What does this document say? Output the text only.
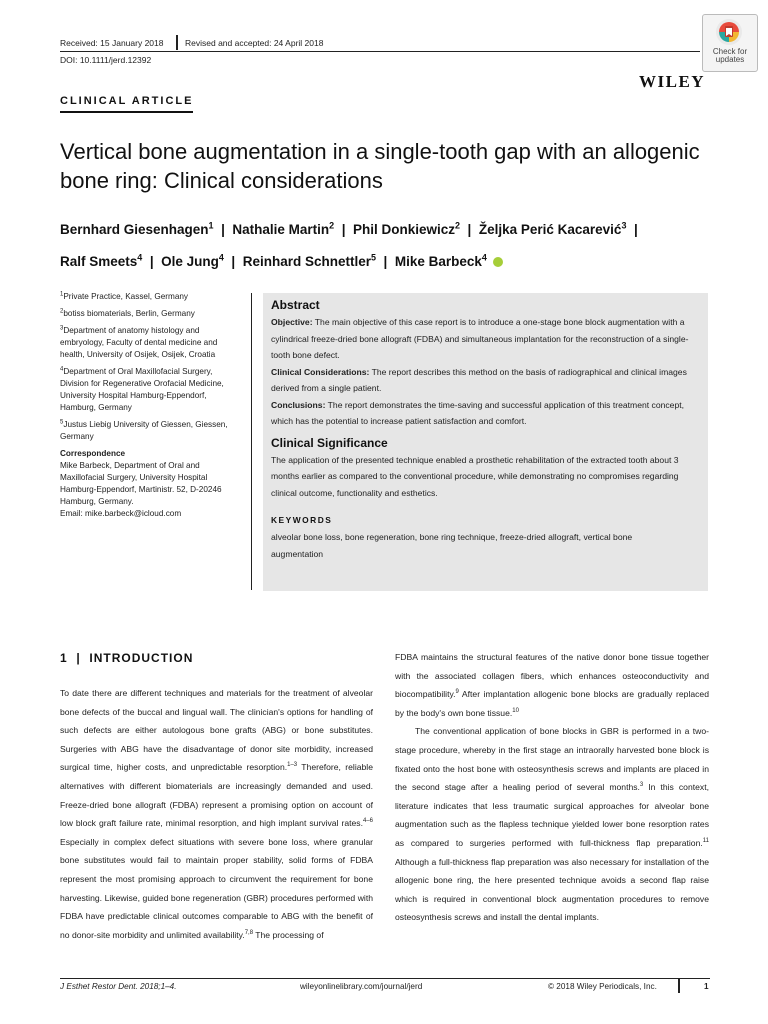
Received: 15 January 2018	Revised and accepted: 24 April 2018
DOI: 10.1111/jerd.12392
Check for
updates
WILEY
CLINICAL ARTICLE
Vertical bone augmentation in a single-tooth gap with an allogenic bone ring: Clinical considerations
Bernhard Giesenhagen$^1$  |  Nathalie Martin$^2$  |  Phil Donkiewicz$^2$  |  Željka Perić Kacarević$^3$  |
Ralf Smeets$^4$  |  Ole Jung$^4$  |  Reinhard Schnettler$^5$  |  Mike Barbeck$^4$

$^1$Private Practice, Kassel, Germany

$^2$botiss biomaterials, Berlin, Germany

$^3$Department of anatomy histology and embryology, Faculty of dental medicine and health, University of Osijek, Osijek, Croatia

$^4$Department of Oral Maxillofacial Surgery, Division for Regenerative Orofacial Medicine, University Hospital Hamburg-Eppendorf, Hamburg, Germany

$^5$Justus Liebig University of Giessen, Giessen, Germany

Correspondence

Mike Barbeck, Department of Oral and Maxillofacial Surgery, University Hospital Hamburg-Eppendorf, Martinistr. 52, D-20246 Hamburg, Germany.

Email: mike.barbeck@icloud.com

Abstract

Objective: The main objective of this case report is to introduce a one-stage bone block augmentation with a cylindrical freeze-dried bone allograft (FDBA) and simultaneous implantation for the reconstruction of a single-tooth bone defect.

Clinical Considerations: The report describes this method on the basis of radiographical and clinical images derived from a single patient.

Conclusions: The report demonstrates the time-saving and successful application of this treatment concept, which has the potential to increase patient satisfaction and comfort.

Clinical Significance

The application of the presented technique enabled a prosthetic rehabilitation of the extracted tooth about 3 months earlier as compared to the conventional procedure, while demonstrating no compromises regarding clinical outcome, functionality and esthetics.

KEYWORDS

alveolar bone loss, bone regeneration, bone ring technique, freeze-dried allograft, vertical bone augmentation

1  |  INTRODUCTION

To date there are different techniques and materials for the treatment of alveolar bone defects of the buccal and lingual wall. The clinician's options for handling of such defects are either autologous bone grafts (ABG) or bone substitutes. Surgeries with ABG have the disadvantage of donor site morbidity, increased surgical time, higher costs, and unpredictable resorption.$^{1-3}$ Therefore, reliable alternatives with different biomaterials are increasingly demanded and used. Freeze-dried bone allograft (FDBA) represent a promising option on account of low block graft failure rate, minimal resorption, and high implant survival rates.$^{4-6}$ Especially in complex defect situations with severe bone loss, where granular bone substitutes would fail to maintain proper stability, solid forms of FDBA represent the most promising approach to circumvent the requirement for bone harvesting. Likewise, guided bone regeneration (GBR) procedures performed with FDBA have predictable clinical outcomes comparable to ABG with the benefit of no donor-site morbidity and unlimited availability.$^{7,8}$ The processing of

FDBA maintains the structural features of the native donor bone tissue together with the associated collagen fibers, which enhances osteoconductivity and biocompatibility.$^9$ After implantation allogenic bone blocks are gradually replaced by the body's own bone tissue.$^{10}$

The conventional application of bone blocks in GBR is performed in a two-stage procedure, whereby in the first stage an intraorally harvested bone block is fixated onto the host bone with osteosynthesis screws and implants are placed in the second stage after a healing period of several months.$^3$ In this context, literature indicates that less traumatic surgical approaches for alveolar bone augmentation such as the flapless technique yielded lower bone resorption rates as compared to surgeries performed with full-thickness flap preparation.$^{11}$ Although a full-thickness flap preparation was also necessary for installation of the allogenic bone ring, the here presented technique avoids a second flap raise which is required in conventional block augmentation procedures to remove osteosynthesis screws and install the dental implants.

J Esthet Restor Dent. 2018;1–4.	wileyonlinelibrary.com/journal/jerd	© 2018 Wiley Periodicals, Inc.	1
